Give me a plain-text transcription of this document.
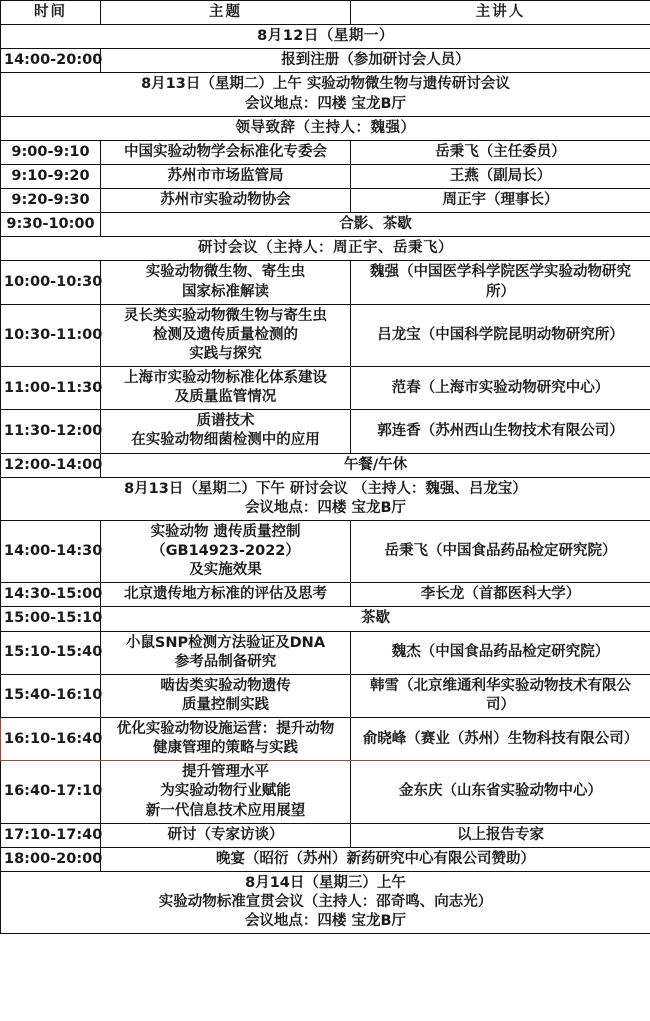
时间	主题	主讲人

8月12日（星期一）		

14:00-20:00	报到注册（参加研讨会人员）	

8月13日（星期二）上午 实验动物微生物与遗传研讨会议
会议地点：四楼 宝龙B厅		

领导致辞（主持人：魏强）		

9:00-9:10	中国实验动物学会标准化专委会	岳秉飞（主任委员）

9:10-9:20	苏州市市场监管局	王燕（副局长）

9:20-9:30	苏州市实验动物协会	周正宇（理事长）

9:30-10:00	合影、茶歇	

研讨会议（主持人：周正宇、岳秉飞）		

10:00-10:30	实验动物微生物、寄生虫
国家标准解读	魏强（中国医学科学院医学实验动物研究
所）

10:30-11:00	灵长类实验动物微生物与寄生虫
检测及遗传质量检测的
实践与探究	吕龙宝（中国科学院昆明动物研究所）

11:00-11:30	上海市实验动物标准化体系建设
及质量监管情况	范春（上海市实验动物研究中心）

11:30-12:00	质谱技术
在实验动物细菌检测中的应用	郭连香（苏州西山生物技术有限公司）

12:00-14:00	午餐/午休	

8月13日（星期二）下午 研讨会议 （主持人：魏强、吕龙宝）
会议地点：四楼 宝龙B厅		

14:00-14:30	实验动物 遗传质量控制
（GB14923-2022）
及实施效果	岳秉飞（中国食品药品检定研究院）

14:30-15:00	北京遗传地方标准的评估及思考	李长龙（首都医科大学）

15:00-15:10	茶歇	

15:10-15:40	小鼠SNP检测方法验证及DNA
参考品制备研究	魏杰（中国食品药品检定研究院）

15:40-16:10	啮齿类实验动物遗传
质量控制实践	韩雪（北京维通利华实验动物技术有限公
司）

16:10-16:40	优化实验动物设施运营：提升动物
健康管理的策略与实践	俞晓峰（赛业（苏州）生物科技有限公司）

16:40-17:10	提升管理水平
为实验动物行业赋能
新一代信息技术应用展望	金东庆（山东省实验动物中心）

17:10-17:40	研讨（专家访谈）	以上报告专家

18:00-20:00	晚宴（昭衍（苏州）新药研究中心有限公司赞助）	

8月14日（星期三）上午
实验动物标准宣贯会议（主持人：邵奇鸣、向志光）
会议地点：四楼 宝龙B厅		
